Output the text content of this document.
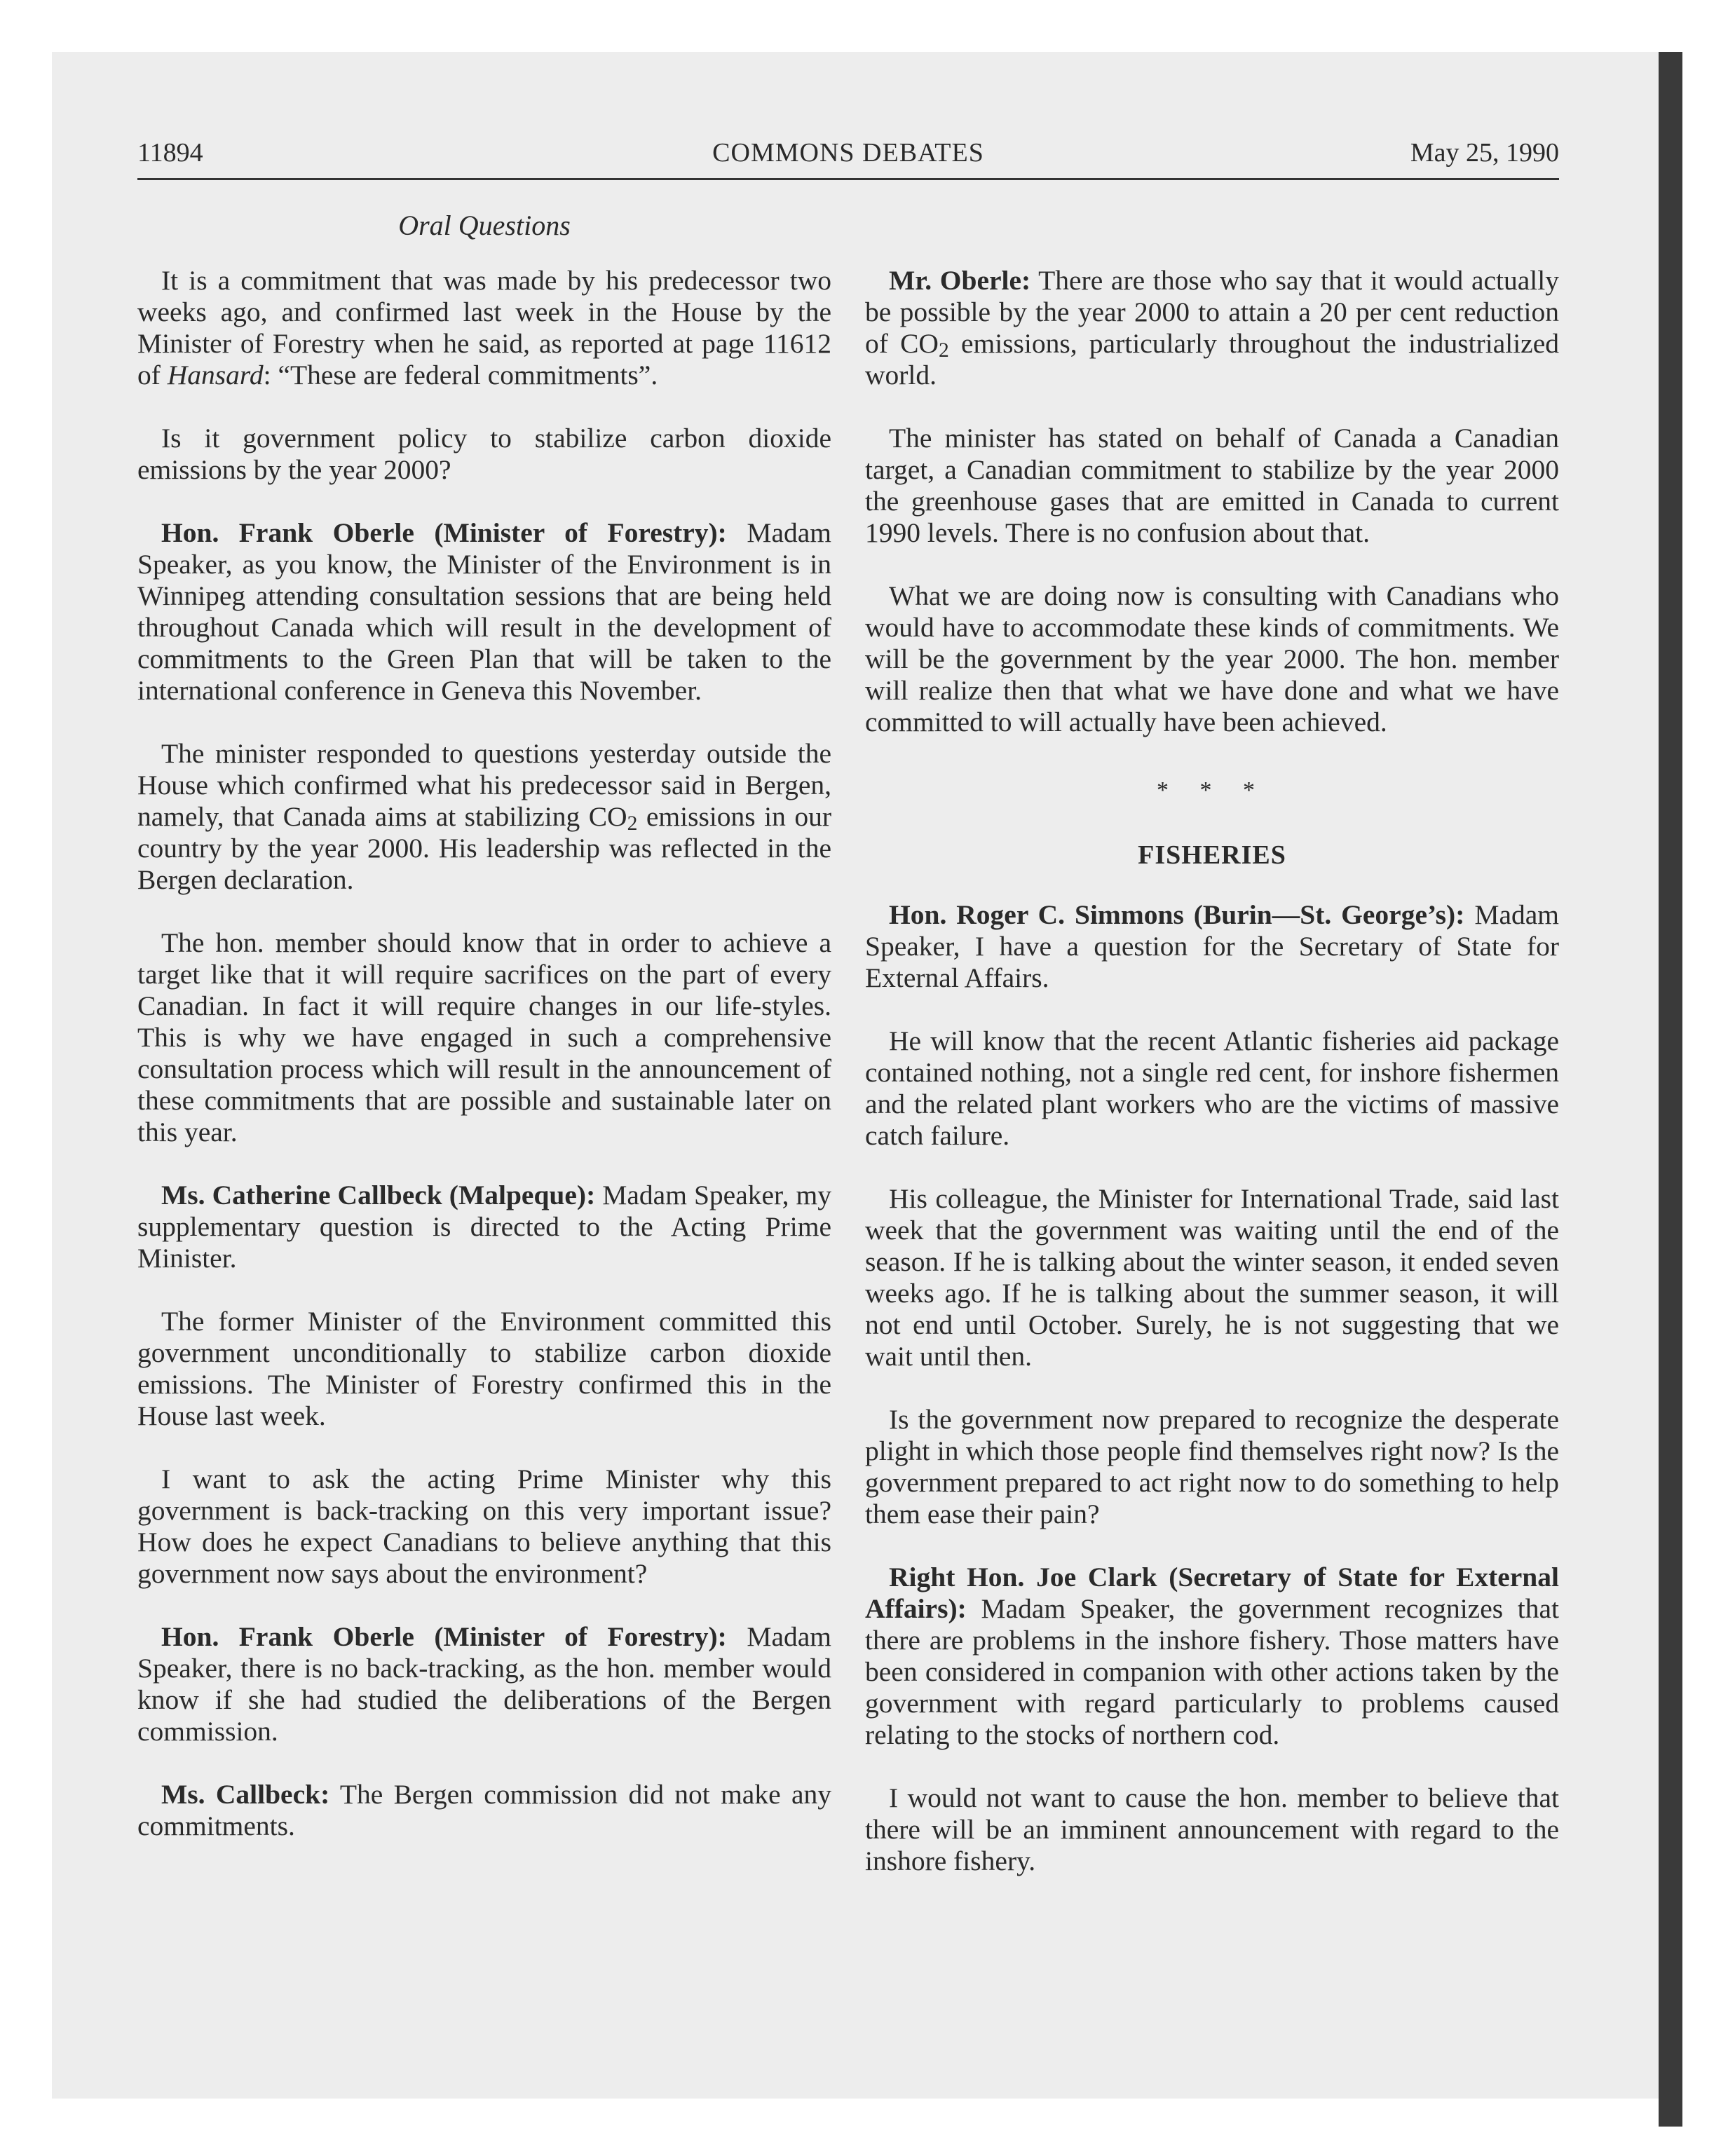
11894	COMMONS DEBATES	May 25, 1990
Oral Questions

It is a commitment that was made by his predecessor two weeks ago, and confirmed last week in the House by the Minister of Forestry when he said, as reported at page 11612 of Hansard: “These are federal commitments”.

Is it government policy to stabilize carbon dioxide emissions by the year 2000?

Hon. Frank Oberle (Minister of Forestry): Madam Speaker, as you know, the Minister of the Environment is in Winnipeg attending consultation sessions that are being held throughout Canada which will result in the development of commitments to the Green Plan that will be taken to the international conference in Geneva this November.

The minister responded to questions yesterday outside the House which confirmed what his predecessor said in Bergen, namely, that Canada aims at stabilizing $CO_2$ emissions in our country by the year 2000. His leadership was reflected in the Bergen declaration.

The hon. member should know that in order to achieve a target like that it will require sacrifices on the part of every Canadian. In fact it will require changes in our life-styles. This is why we have engaged in such a comprehensive consultation process which will result in the announcement of these commitments that are possible and sustainable later on this year.

Ms. Catherine Callbeck (Malpeque): Madam Speaker, my supplementary question is directed to the Acting Prime Minister.

The former Minister of the Environment committed this government unconditionally to stabilize carbon dioxide emissions. The Minister of Forestry confirmed this in the House last week.

I want to ask the acting Prime Minister why this government is back-tracking on this very important issue? How does he expect Canadians to believe anything that this government now says about the environment?

Hon. Frank Oberle (Minister of Forestry): Madam Speaker, there is no back-tracking, as the hon. member would know if she had studied the deliberations of the Bergen commission.

Ms. Callbeck: The Bergen commission did not make any commitments.

Mr. Oberle: There are those who say that it would actually be possible by the year 2000 to attain a 20 per cent reduction of $CO_2$ emissions, particularly throughout the industrialized world.

The minister has stated on behalf of Canada a Canadian target, a Canadian commitment to stabilize by the year 2000 the greenhouse gases that are emitted in Canada to current 1990 levels. There is no confusion about that.

What we are doing now is consulting with Canadians who would have to accommodate these kinds of commitments. We will be the government by the year 2000. The hon. member will realize then that what we have done and what we have committed to will actually have been achieved.

* * *
FISHERIES

Hon. Roger C. Simmons (Burin—St. George’s): Madam Speaker, I have a question for the Secretary of State for External Affairs.

He will know that the recent Atlantic fisheries aid package contained nothing, not a single red cent, for inshore fishermen and the related plant workers who are the victims of massive catch failure.

His colleague, the Minister for International Trade, said last week that the government was waiting until the end of the season. If he is talking about the winter season, it ended seven weeks ago. If he is talking about the summer season, it will not end until October. Surely, he is not suggesting that we wait until then.

Is the government now prepared to recognize the desperate plight in which those people find themselves right now? Is the government prepared to act right now to do something to help them ease their pain?

Right Hon. Joe Clark (Secretary of State for External Affairs): Madam Speaker, the government recognizes that there are problems in the inshore fishery. Those matters have been considered in companion with other actions taken by the government with regard particularly to problems caused relating to the stocks of northern cod.

I would not want to cause the hon. member to believe that there will be an imminent announcement with regard to the inshore fishery.
